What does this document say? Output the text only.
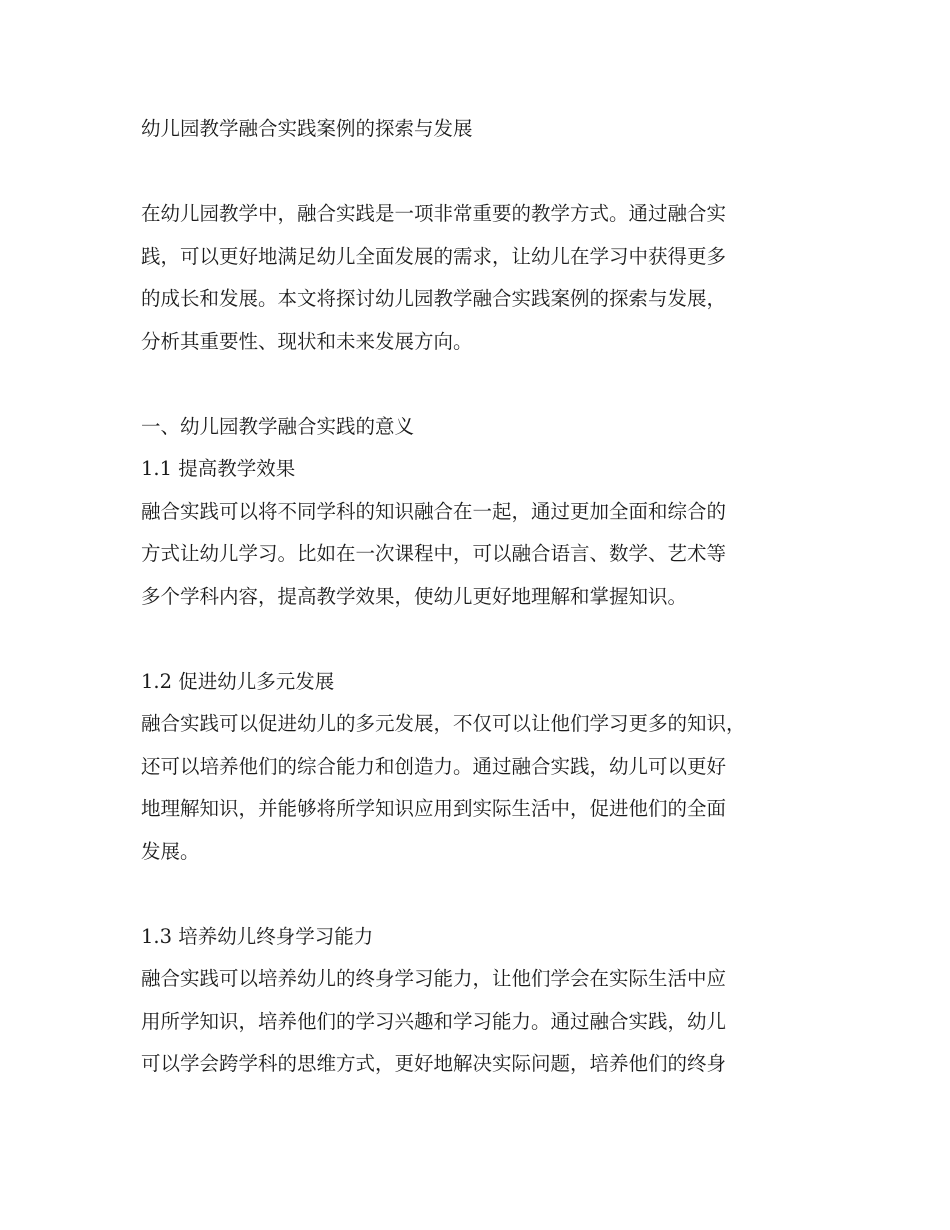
幼儿园教学融合实践案例的探索与发展
在幼儿园教学中，融合实践是一项非常重要的教学方式。通过融合实
践，可以更好地满足幼儿全面发展的需求，让幼儿在学习中获得更多
的成长和发展。本文将探讨幼儿园教学融合实践案例的探索与发展，
分析其重要性、现状和未来发展方向。
一、幼儿园教学融合实践的意义
1.1 提高教学效果
融合实践可以将不同学科的知识融合在一起，通过更加全面和综合的
方式让幼儿学习。比如在一次课程中，可以融合语言、数学、艺术等
多个学科内容，提高教学效果，使幼儿更好地理解和掌握知识。
1.2 促进幼儿多元发展
融合实践可以促进幼儿的多元发展，不仅可以让他们学习更多的知识，
还可以培养他们的综合能力和创造力。通过融合实践，幼儿可以更好
地理解知识，并能够将所学知识应用到实际生活中，促进他们的全面
发展。
1.3 培养幼儿终身学习能力
融合实践可以培养幼儿的终身学习能力，让他们学会在实际生活中应
用所学知识，培养他们的学习兴趣和学习能力。通过融合实践，幼儿
可以学会跨学科的思维方式，更好地解决实际问题，培养他们的终身
